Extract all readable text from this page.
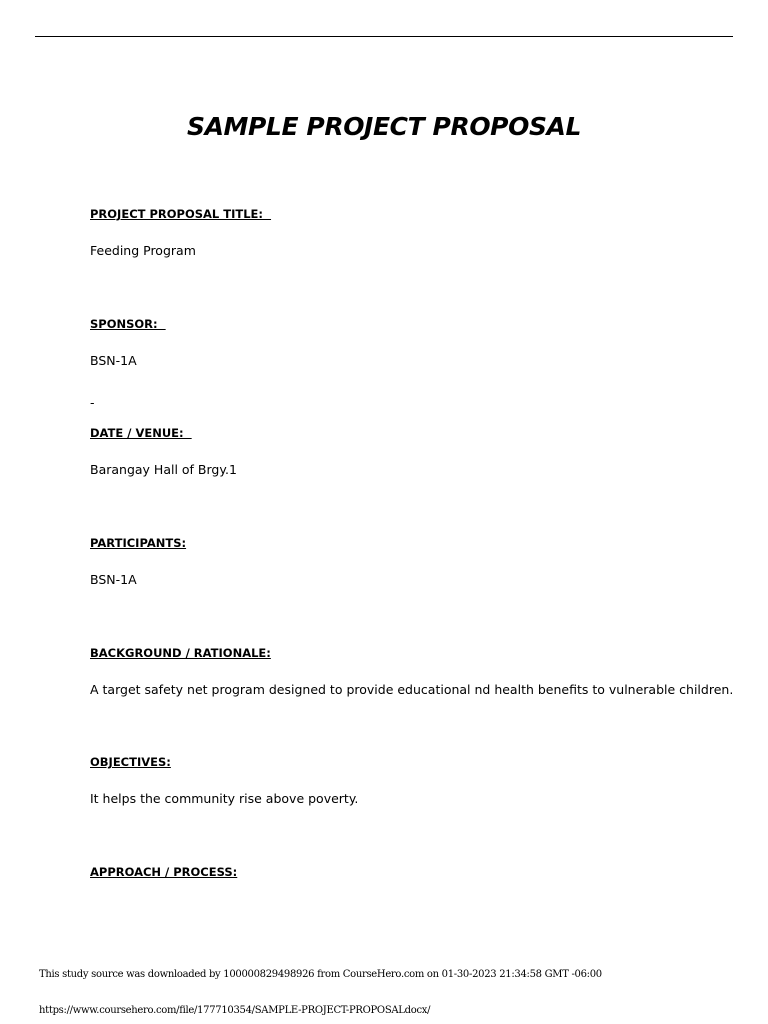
SAMPLE PROJECT PROPOSAL

PROJECT PROPOSAL TITLE:

Feeding Program

SPONSOR:

BSN-1A

-

DATE / VENUE:

Barangay Hall of Brgy.1

PARTICIPANTS:

BSN-1A

BACKGROUND / RATIONALE:

A target safety net program designed to provide educational nd health benefits to vulnerable children.

OBJECTIVES:

It helps the community rise above poverty.

APPROACH / PROCESS:

This study source was downloaded by 100000829498926 from CourseHero.com on 01-30-2023 21:34:58 GMT -06:00

https://www.coursehero.com/file/177710354/SAMPLE-PROJECT-PROPOSALdocx/
